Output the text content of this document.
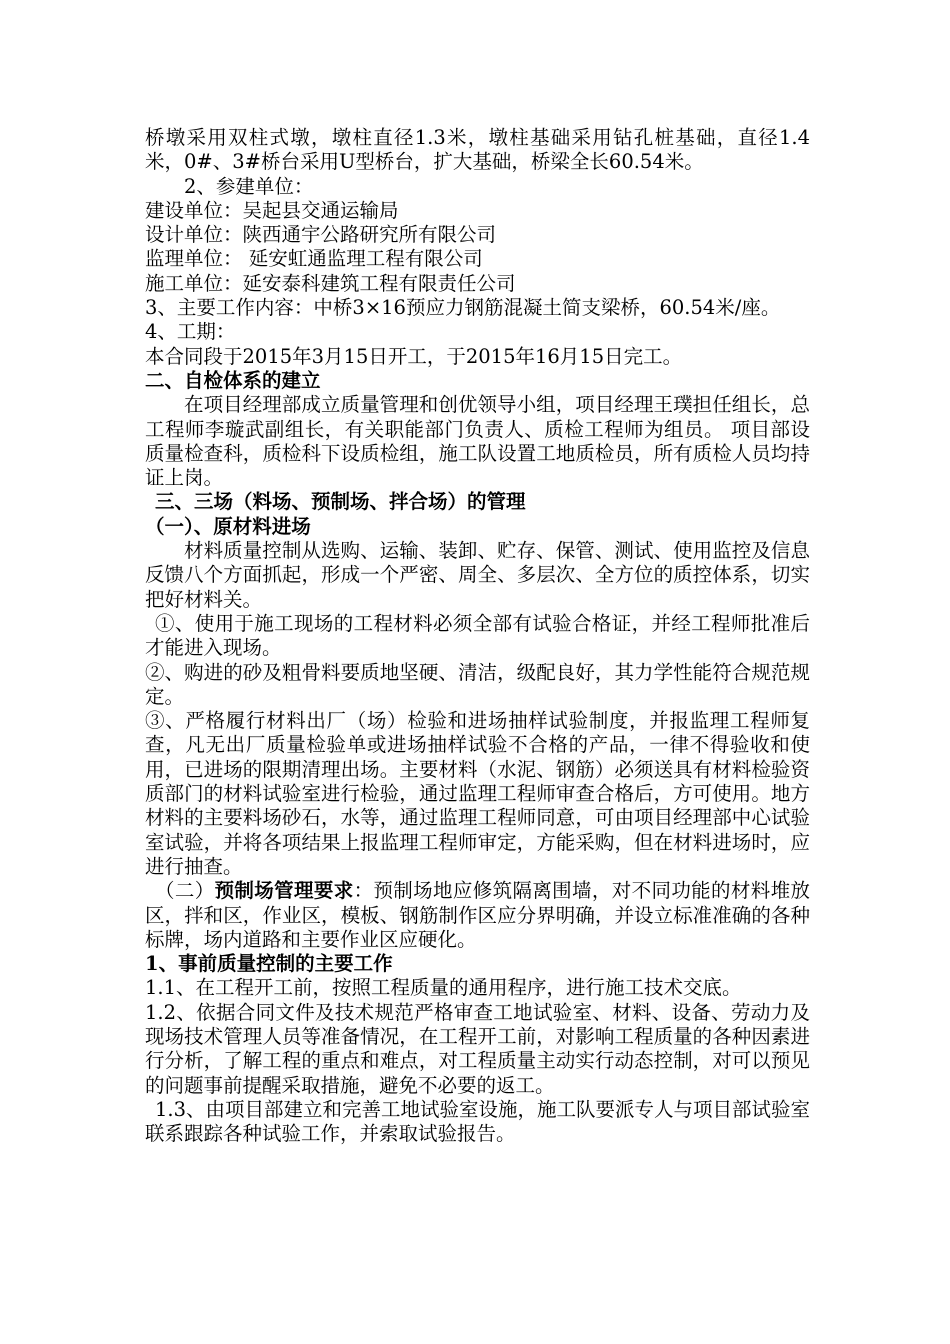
桥墩采用双柱式墩，墩柱直径1.3米，墩柱基础采用钻孔桩基础，直径1.4米，0#、3#桥台采用U型桥台，扩大基础，桥梁全长60.54米。

2、参建单位：

建设单位：吴起县交通运输局

设计单位：陕西通宇公路研究所有限公司

监理单位： 延安虹通监理工程有限公司

施工单位：延安泰科建筑工程有限责任公司

3、主要工作内容：中桥3×16预应力钢筋混凝土简支梁桥，60.54米/座。

4、工期：

本合同段于2015年3月15日开工，于2015年16月15日完工。

二、自检体系的建立

在项目经理部成立质量管理和创优领导小组，项目经理王璞担任组长，总工程师李璇武副组长，有关职能部门负责人、质检工程师为组员。 项目部设质量检查科，质检科下设质检组，施工队设置工地质检员，所有质检人员均持证上岗。

三、三场（料场、预制场、拌合场）的管理

（一）、原材料进场

材料质量控制从选购、运输、装卸、贮存、保管、测试、使用监控及信息反馈八个方面抓起，形成一个严密、周全、多层次、全方位的质控体系，切实把好材料关。

①、使用于施工现场的工程材料必须全部有试验合格证，并经工程师批准后才能进入现场。

②、购进的砂及粗骨料要质地坚硬、清洁，级配良好，其力学性能符合规范规定。

③、严格履行材料出厂（场）检验和进场抽样试验制度，并报监理工程师复查，凡无出厂质量检验单或进场抽样试验不合格的产品，一律不得验收和使用，已进场的限期清理出场。主要材料（水泥、钢筋）必须送具有材料检验资质部门的材料试验室进行检验，通过监理工程师审查合格后，方可使用。地方材料的主要料场砂石，水等，通过监理工程师同意，可由项目经理部中心试验室试验，并将各项结果上报监理工程师审定，方能采购，但在材料进场时，应进行抽查。

（二）预制场管理要求：预制场地应修筑隔离围墙，对不同功能的材料堆放区，拌和区，作业区，模板、钢筋制作区应分界明确，并设立标准准确的各种标牌，场内道路和主要作业区应硬化。

1、事前质量控制的主要工作

1.1、在工程开工前，按照工程质量的通用程序，进行施工技术交底。

1.2、依据合同文件及技术规范严格审查工地试验室、材料、设备、劳动力及现场技术管理人员等准备情况，在工程开工前，对影响工程质量的各种因素进行分析，了解工程的重点和难点，对工程质量主动实行动态控制，对可以预见的问题事前提醒采取措施，避免不必要的返工。

1.3、由项目部建立和完善工地试验室设施，施工队要派专人与项目部试验室联系跟踪各种试验工作，并索取试验报告。
